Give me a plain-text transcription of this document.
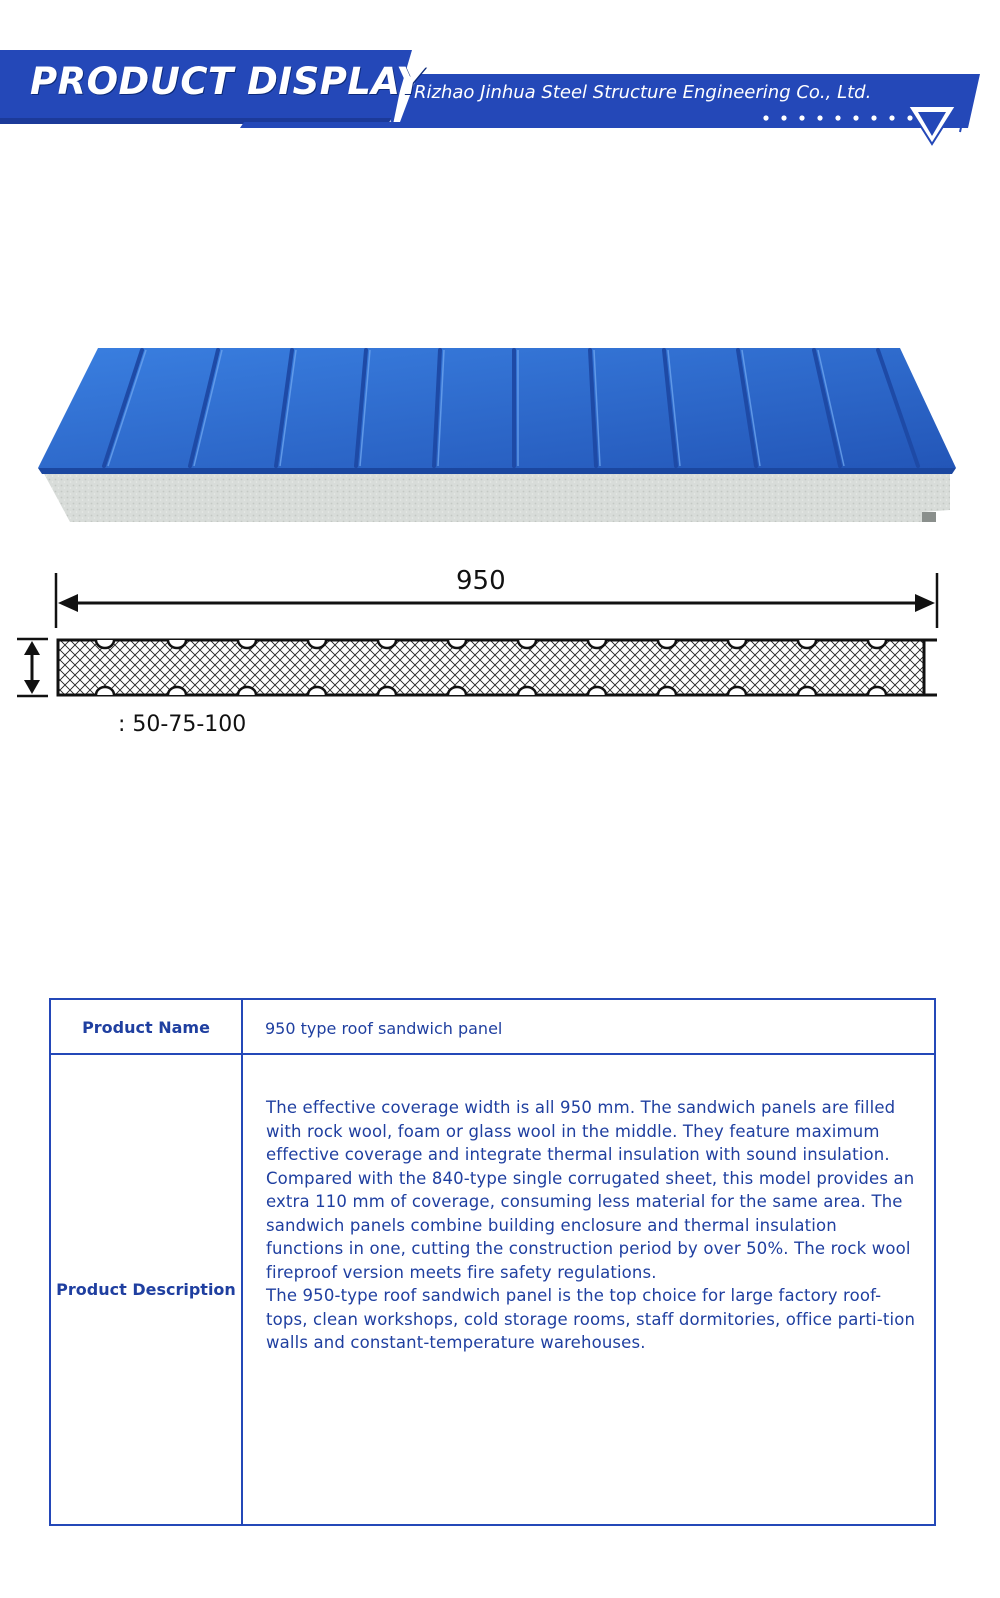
PRODUCT DISPLAY
Rizhao Jinhua Steel Structure Engineering Co., Ltd.
950
: 50-75-100
Product Name	950 type roof sandwich panel
Product Description

The effective coverage width is all 950 mm. The sandwich panels are filled with rock wool, foam or glass wool in the middle. They feature maximum effective coverage and integrate thermal insulation with sound insulation. Compared with the 840-type single corrugated sheet, this model provides an extra 110 mm of coverage, consuming less material for the same area. The sandwich panels combine building enclosure and thermal insulation functions in one, cutting the construction period by over 50%. The rock wool fireproof version meets fire safety regulations.

The 950-type roof sandwich panel is the top choice for large factory roof-tops, clean workshops, cold storage rooms, staff dormitories, office parti-tion walls and constant-temperature warehouses.
